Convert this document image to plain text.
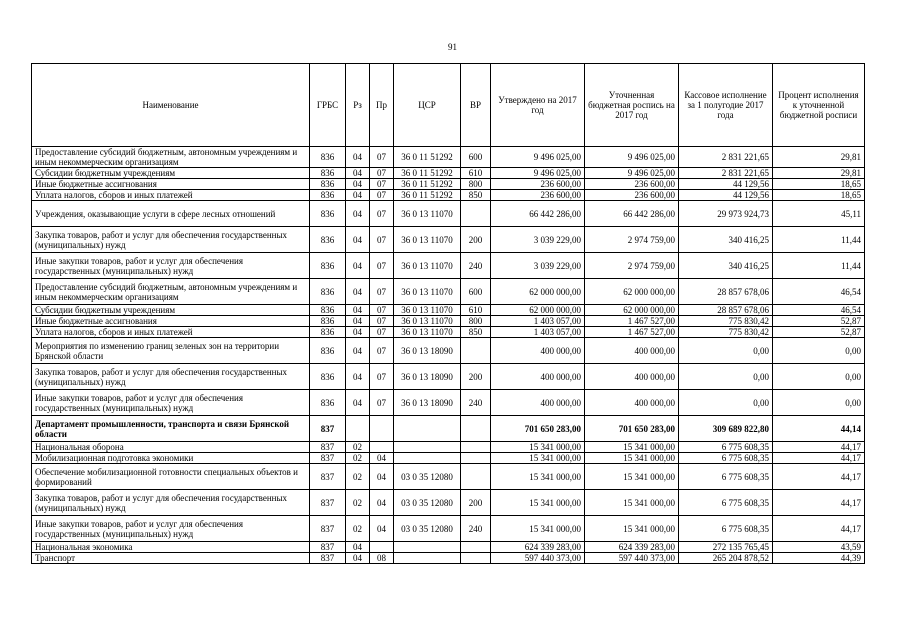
91
Наименование	ГРБС	Рз	Пр	ЦСР	ВР	Утверждено на 2017 год	Уточненная бюджетная роспись на 2017 год	Кассовое исполнение за 1 полугодие 2017 года	Процент исполнения к уточненной бюджетной росписи
Предоставление субсидий бюджетным, автономным учреждениям и иным некоммерческим организациям	836	04	07	36 0 11 51292	600	9 496 025,00	9 496 025,00	2 831 221,65	29,81
Субсидии бюджетным учреждениям	836	04	07	36 0 11 51292	610	9 496 025,00	9 496 025,00	2 831 221,65	29,81
Иные бюджетные ассигнования	836	04	07	36 0 11 51292	800	236 600,00	236 600,00	44 129,56	18,65
Уплата налогов, сборов и иных платежей	836	04	07	36 0 11 51292	850	236 600,00	236 600,00	44 129,56	18,65
Учреждения, оказывающие услуги в сфере лесных отношений	836	04	07	36 0 13 11070		66 442 286,00	66 442 286,00	29 973 924,73	45,11
Закупка товаров, работ и услуг для обеспечения государственных (муниципальных) нужд	836	04	07	36 0 13 11070	200	3 039 229,00	2 974 759,00	340 416,25	11,44
Иные закупки товаров, работ и услуг для обеспечения государственных (муниципальных) нужд	836	04	07	36 0 13 11070	240	3 039 229,00	2 974 759,00	340 416,25	11,44
Предоставление субсидий бюджетным, автономным учреждениям и иным некоммерческим организациям	836	04	07	36 0 13 11070	600	62 000 000,00	62 000 000,00	28 857 678,06	46,54
Субсидии бюджетным учреждениям	836	04	07	36 0 13 11070	610	62 000 000,00	62 000 000,00	28 857 678,06	46,54
Иные бюджетные ассигнования	836	04	07	36 0 13 11070	800	1 403 057,00	1 467 527,00	775 830,42	52,87
Уплата налогов, сборов и иных платежей	836	04	07	36 0 13 11070	850	1 403 057,00	1 467 527,00	775 830,42	52,87
Мероприятия по изменению границ зеленых зон на территории Брянской области	836	04	07	36 0 13 18090		400 000,00	400 000,00	0,00	0,00
Закупка товаров, работ и услуг для обеспечения государственных (муниципальных) нужд	836	04	07	36 0 13 18090	200	400 000,00	400 000,00	0,00	0,00
Иные закупки товаров, работ и услуг для обеспечения государственных (муниципальных) нужд	836	04	07	36 0 13 18090	240	400 000,00	400 000,00	0,00	0,00
Департамент промышленности, транспорта и связи Брянской области	837					701 650 283,00	701 650 283,00	309 689 822,80	44,14
Национальная оборона	837	02				15 341 000,00	15 341 000,00	6 775 608,35	44,17
Мобилизационная подготовка экономики	837	02	04			15 341 000,00	15 341 000,00	6 775 608,35	44,17
Обеспечение мобилизационной готовности специальных объектов и формирований	837	02	04	03 0 35 12080		15 341 000,00	15 341 000,00	6 775 608,35	44,17
Закупка товаров, работ и услуг для обеспечения государственных (муниципальных) нужд	837	02	04	03 0 35 12080	200	15 341 000,00	15 341 000,00	6 775 608,35	44,17
Иные закупки товаров, работ и услуг для обеспечения государственных (муниципальных) нужд	837	02	04	03 0 35 12080	240	15 341 000,00	15 341 000,00	6 775 608,35	44,17
Национальная экономика	837	04				624 339 283,00	624 339 283,00	272 135 765,45	43,59
Транспорт	837	04	08			597 440 373,00	597 440 373,00	265 204 878,52	44,39
